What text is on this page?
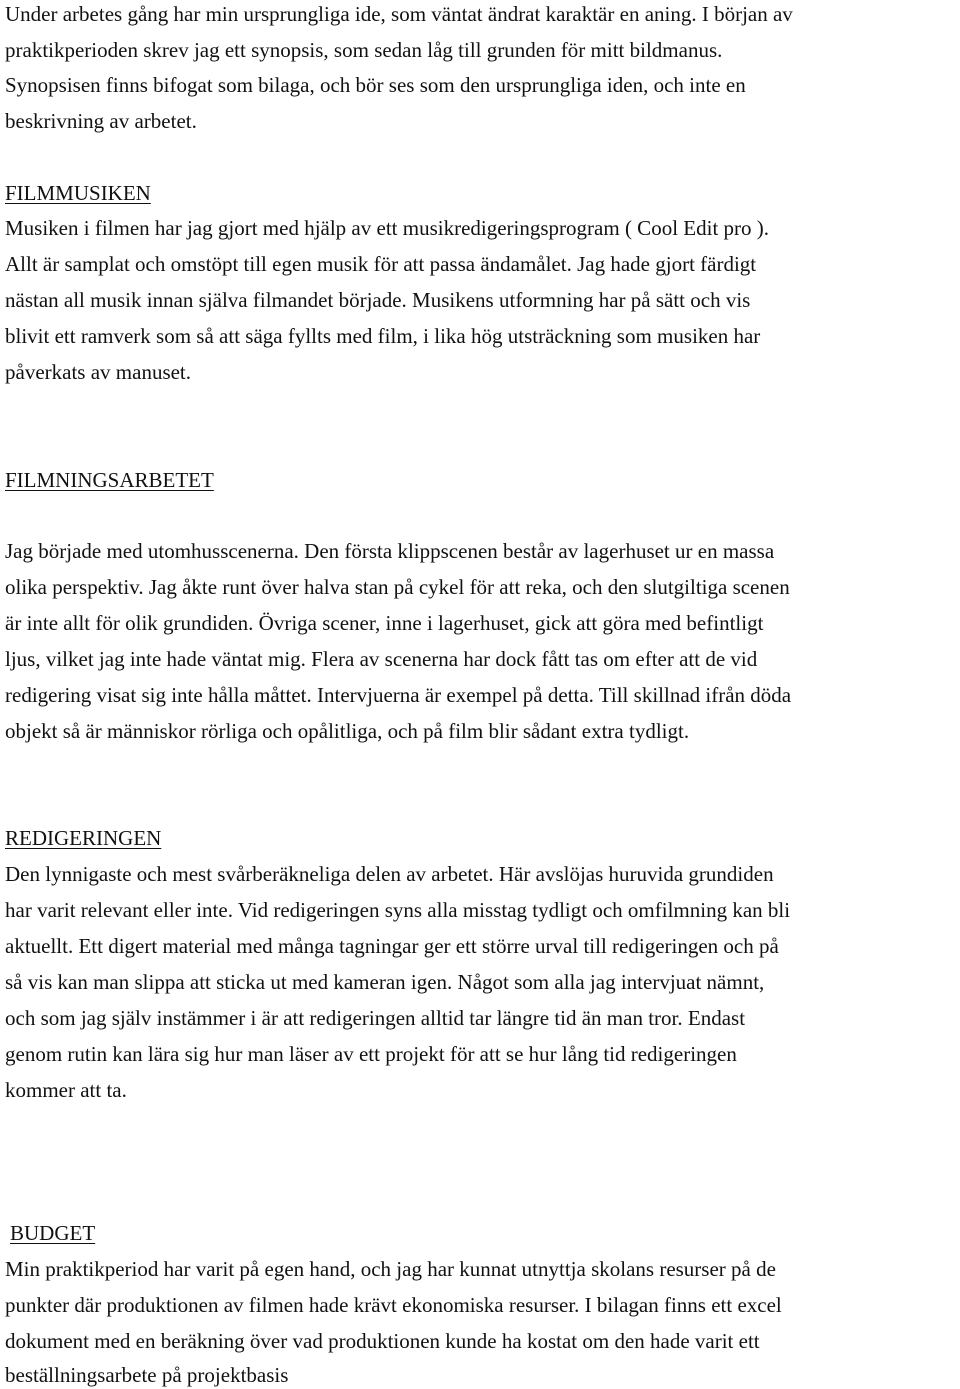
Under arbetes gång har min ursprungliga ide, som väntat ändrat karaktär en aning. I början av
praktikperioden skrev jag ett synopsis, som sedan låg till grunden för mitt bildmanus.
Synopsisen finns bifogat som bilaga, och bör ses som den ursprungliga iden, och inte en
beskrivning av arbetet.
FILMMUSIKEN
Musiken i filmen har jag gjort med hjälp av ett musikredigeringsprogram ( Cool Edit pro ).
Allt är samplat och omstöpt till egen musik för att passa ändamålet. Jag hade gjort färdigt
nästan all musik innan själva filmandet började. Musikens utformning har på sätt och vis
blivit ett ramverk som så att säga fyllts med film, i lika hög utsträckning som musiken har
påverkats av manuset.
FILMNINGSARBETET
Jag började med utomhusscenerna. Den första klippscenen består av lagerhuset ur en massa
olika perspektiv. Jag åkte runt över halva stan på cykel för att reka, och den slutgiltiga scenen
är inte allt för olik grundiden. Övriga scener, inne i lagerhuset, gick att göra med befintligt
ljus, vilket jag inte hade väntat mig. Flera av scenerna har dock fått tas om efter att de vid
redigering visat sig inte hålla måttet. Intervjuerna är exempel på detta. Till skillnad ifrån döda
objekt så är människor rörliga och opålitliga, och på film blir sådant extra tydligt.
REDIGERINGEN
Den lynnigaste och mest svårberäkneliga delen av arbetet. Här avslöjas huruvida grundiden
har varit relevant eller inte. Vid redigeringen syns alla misstag tydligt och omfilmning kan bli
aktuellt. Ett digert material med många tagningar ger ett större urval till redigeringen och på
så vis kan man slippa att sticka ut med kameran igen. Något som alla jag intervjuat nämnt,
och som jag själv instämmer i är att redigeringen alltid tar längre tid än man tror. Endast
genom rutin kan lära sig hur man läser av ett projekt för att se hur lång tid redigeringen
kommer att ta.
BUDGET
Min praktikperiod har varit på egen hand, och jag har kunnat utnyttja skolans resurser på de
punkter där produktionen av filmen hade krävt ekonomiska resurser. I bilagan finns ett excel
dokument med en beräkning över vad produktionen kunde ha kostat om den hade varit ett
beställningsarbete på projektbasis
